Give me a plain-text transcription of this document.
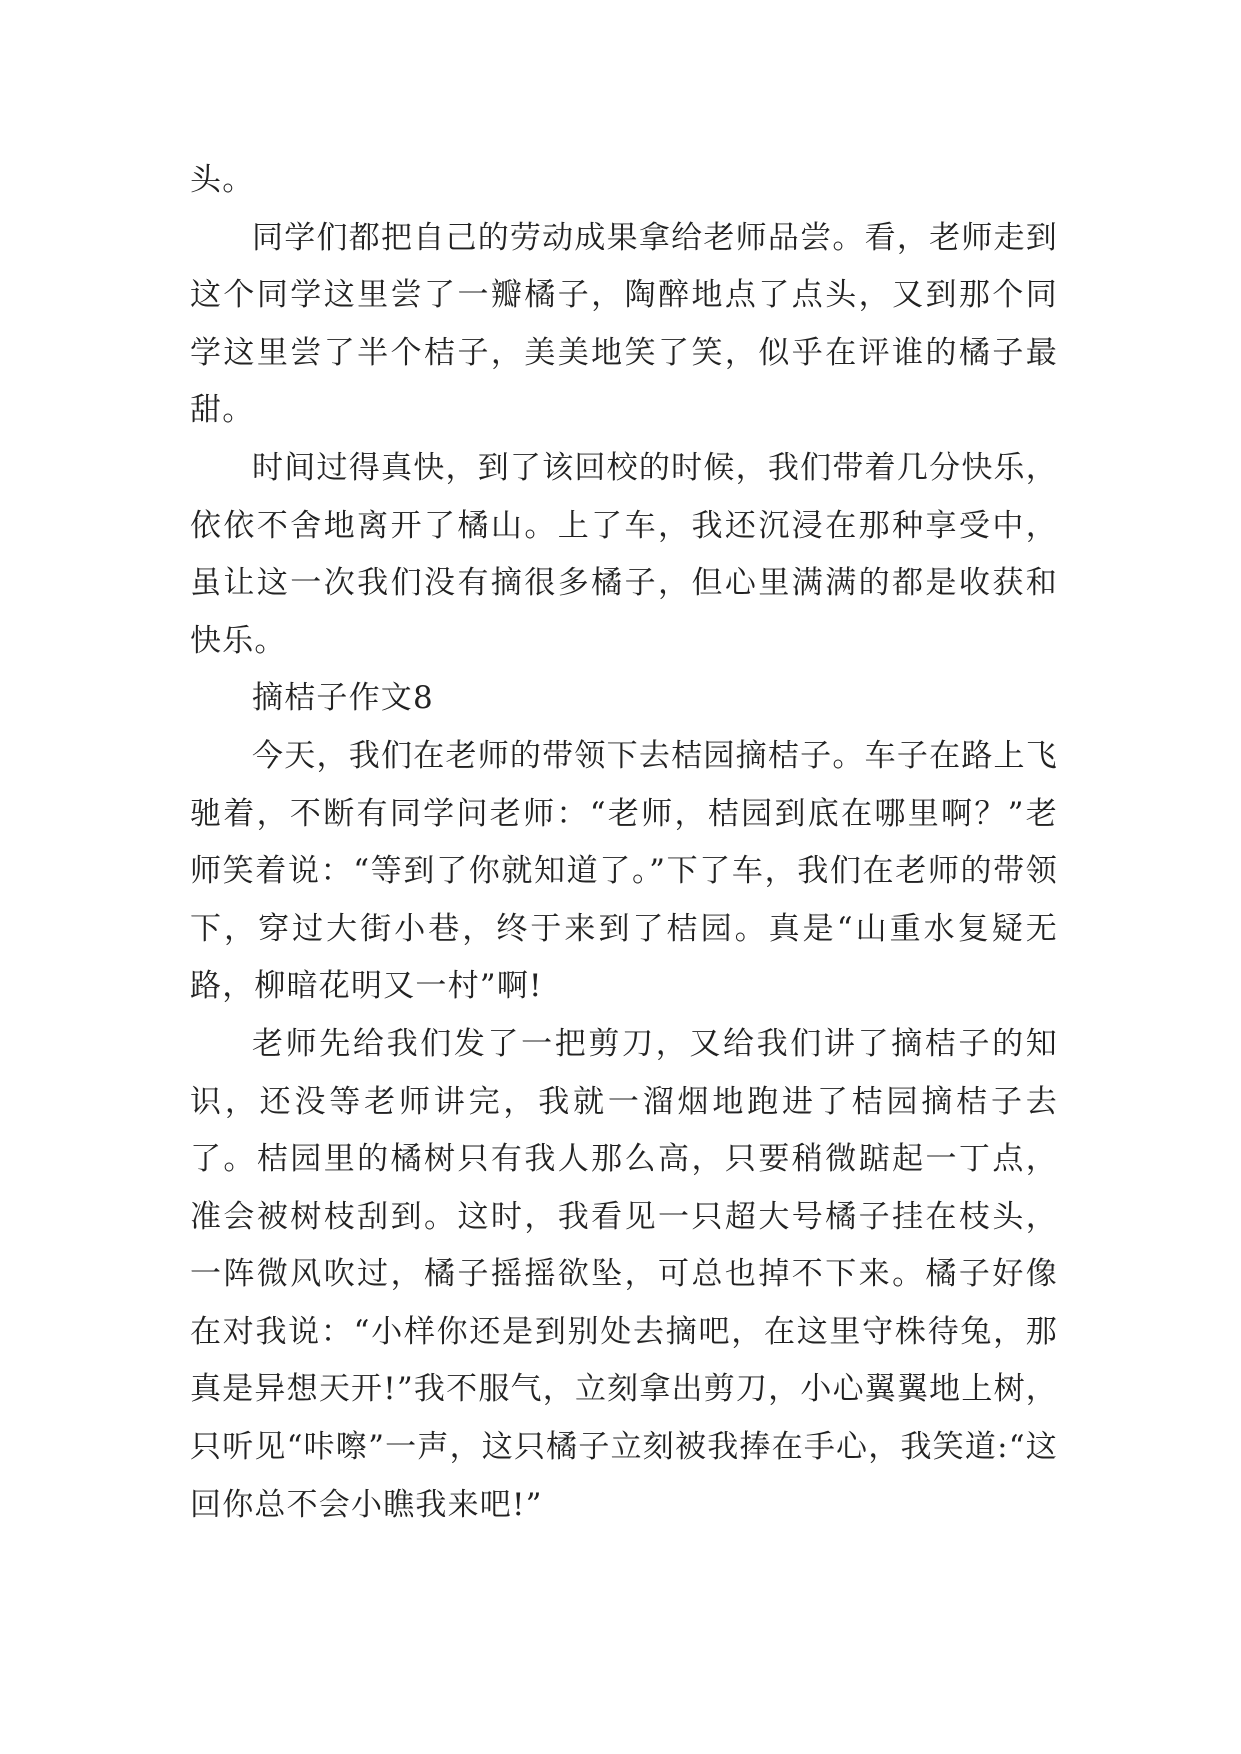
头。

同学们都把自己的劳动成果拿给老师品尝。看，老师走到这个同学这里尝了一瓣橘子，陶醉地点了点头，又到那个同学这里尝了半个桔子，美美地笑了笑，似乎在评谁的橘子最甜。

时间过得真快，到了该回校的时候，我们带着几分快乐，依依不舍地离开了橘山。上了车，我还沉浸在那种享受中，虽让这一次我们没有摘很多橘子，但心里满满的都是收获和快乐。

摘桔子作文8

今天，我们在老师的带领下去桔园摘桔子。车子在路上飞驰着，不断有同学问老师：“老师，桔园到底在哪里啊？”老师笑着说：“等到了你就知道了。”下了车，我们在老师的带领下，穿过大街小巷，终于来到了桔园。真是“山重水复疑无路，柳暗花明又一村”啊!

老师先给我们发了一把剪刀，又给我们讲了摘桔子的知识，还没等老师讲完，我就一溜烟地跑进了桔园摘桔子去了。桔园里的橘树只有我人那么高，只要稍微踮起一丁点，准会被树枝刮到。这时，我看见一只超大号橘子挂在枝头，一阵微风吹过，橘子摇摇欲坠，可总也掉不下来。橘子好像在对我说：“小样你还是到别处去摘吧，在这里守株待兔，那真是异想天开!”我不服气，立刻拿出剪刀，小心翼翼地上树，只听见“咔嚓”一声，这只橘子立刻被我捧在手心，我笑道:“这回你总不会小瞧我来吧!”
